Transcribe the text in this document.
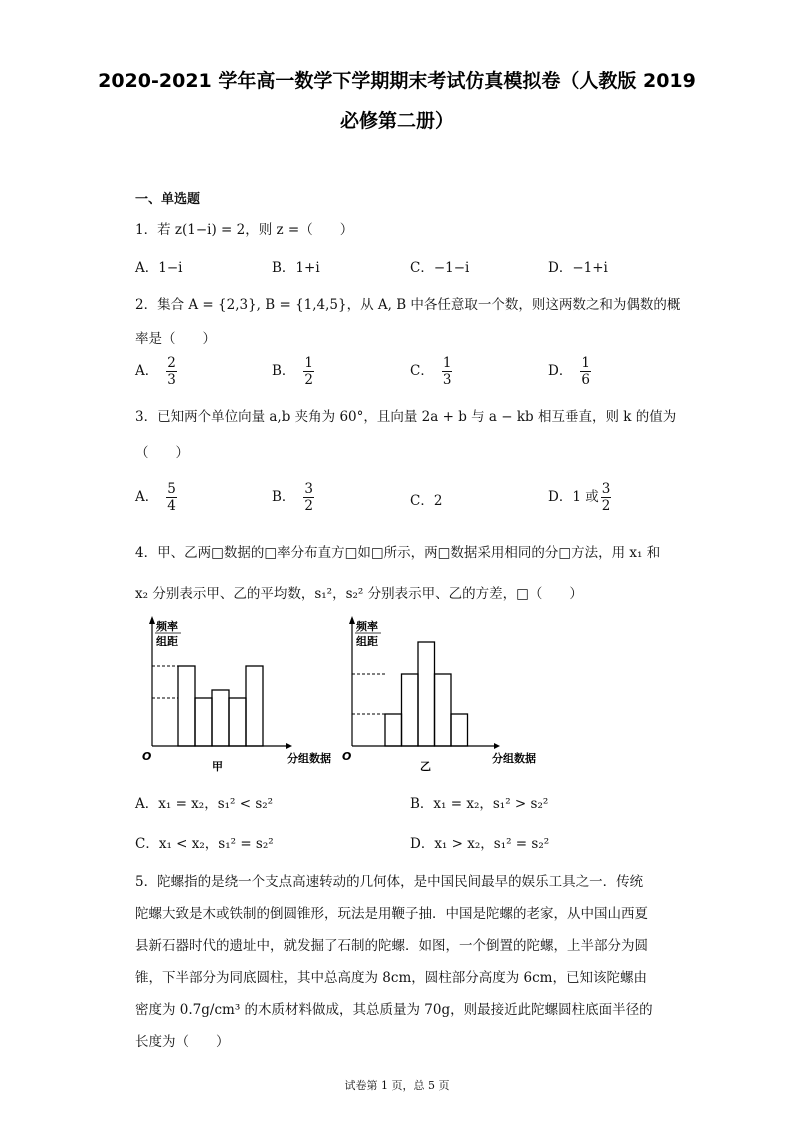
2020-2021 学年高一数学下学期期末考试仿真模拟卷（人教版 2019
必修第二册）
一、单选题
1．若 z(1−i) = 2，则 z =（　　）
A．1−i	B．1+i	C．−1−i	D．−1+i
2．集合 A = {2,3}, B = {1,4,5}，从 A, B 中各任意取一个数，则这两数之和为偶数的概
率是（　　）
A． $\frac{2}{3}$	B． $\frac{1}{2}$	C． $\frac{1}{3}$	D． $\frac{1}{6}$
3．已知两个单位向量 a,b 夹角为 60°，且向量 2a + b 与 a − kb 相互垂直，则 k 的值为
（　　）
A． $\frac{5}{4}$	B． $\frac{3}{2}$	C．2	D．1 或 $\frac{3}{2}$
4．甲、乙两□数据的□率分布直方□如□所示，两□数据采用相同的分□方法，用 x₁ 和
x₂ 分别表示甲、乙的平均数，s₁²，s₂² 分别表示甲、乙的方差，□（　　）
频率
组距
O	分组数据
甲
频率
组距
O	分组数据
乙
A．x₁ = x₂，s₁² < s₂²	B．x₁ = x₂，s₁² > s₂²
C．x₁ < x₂，s₁² = s₂²	D．x₁ > x₂，s₁² = s₂²
5．陀螺指的是绕一个支点高速转动的几何体，是中国民间最早的娱乐工具之一．传统
陀螺大致是木或铁制的倒圆锥形，玩法是用鞭子抽．中国是陀螺的老家，从中国山西夏
县新石器时代的遗址中，就发掘了石制的陀螺．如图，一个倒置的陀螺，上半部分为圆
锥，下半部分为同底圆柱，其中总高度为 8cm，圆柱部分高度为 6cm，已知该陀螺由
密度为 0.7g/cm³ 的木质材料做成，其总质量为 70g，则最接近此陀螺圆柱底面半径的
长度为（　　）
试卷第 1 页，总 5 页
